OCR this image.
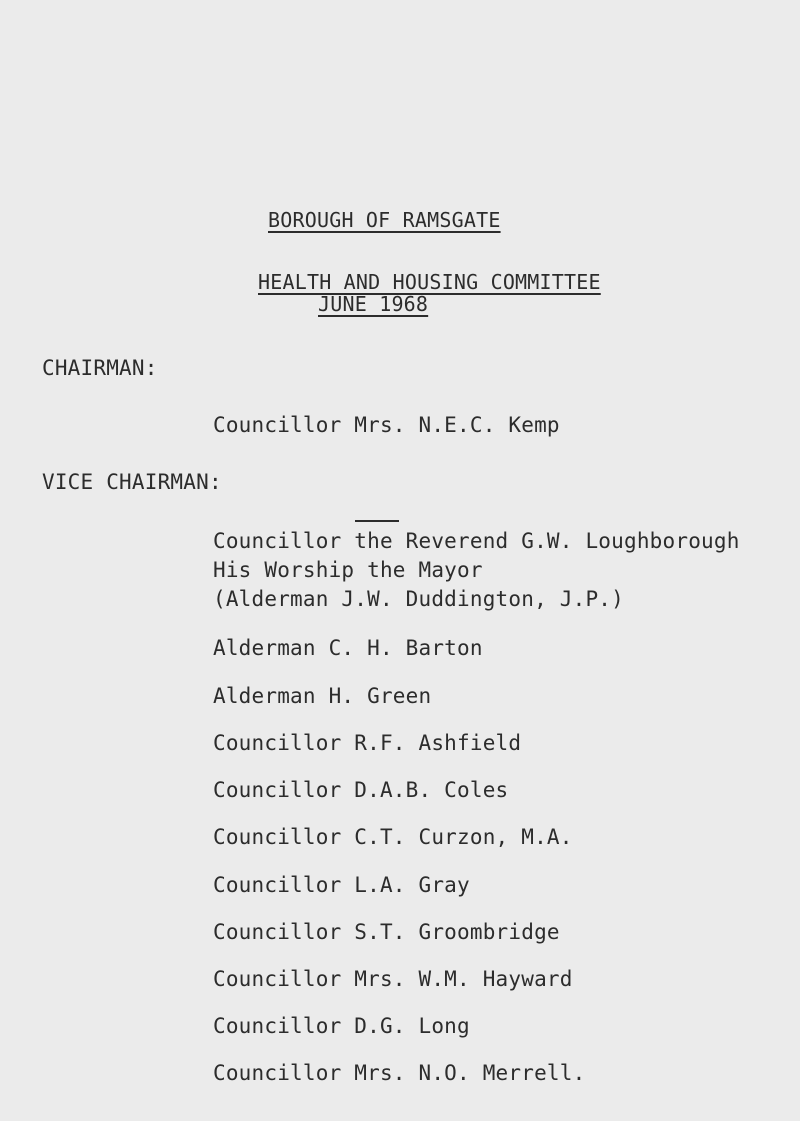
BOROUGH OF RAMSGATE
HEALTH AND HOUSING COMMITTEE
JUNE 1968
CHAIRMAN:
Councillor Mrs. N.E.C. Kemp
VICE CHAIRMAN:
Councillor the Reverend G.W. Loughborough
His Worship the Mayor
(Alderman J.W. Duddington, J.P.)
Alderman C. H. Barton
Alderman H. Green
Councillor R.F. Ashfield
Councillor D.A.B. Coles
Councillor C.T. Curzon, M.A.
Councillor L.A. Gray
Councillor S.T. Groombridge
Councillor Mrs. W.M. Hayward
Councillor D.G. Long
Councillor Mrs. N.O. Merrell.
